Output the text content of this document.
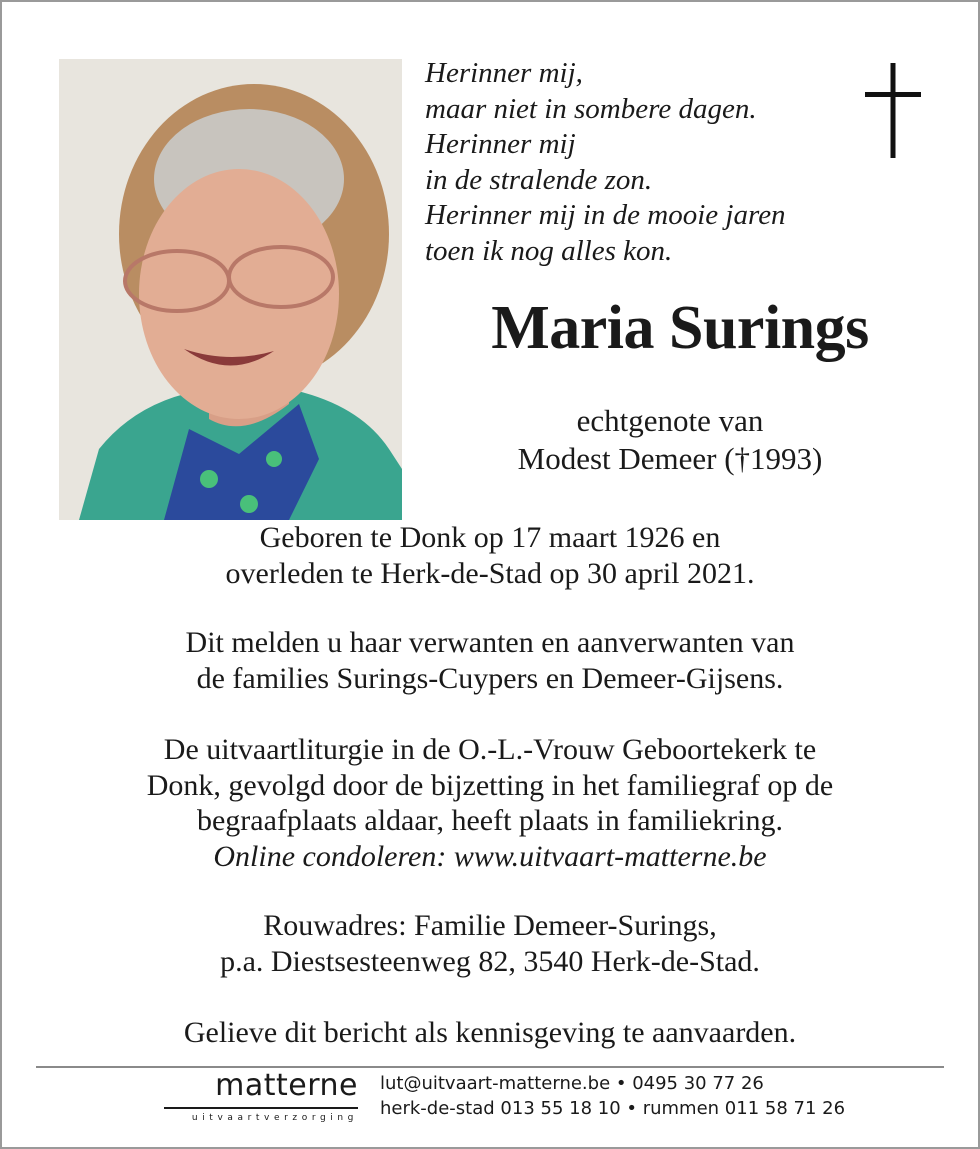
Herinner mij,
maar niet in sombere dagen.
Herinner mij
in de stralende zon.
Herinner mij in de mooie jaren
toen ik nog alles kon.
Maria Surings
echtgenote van
Modest Demeer (†1993)
Geboren te Donk op 17 maart 1926 en
overleden te Herk-de-Stad op 30 april 2021.
Dit melden u haar verwanten en aanverwanten van
de families Surings-Cuypers en Demeer-Gijsens.
De uitvaartliturgie in de O.-L.-Vrouw Geboortekerk te
Donk, gevolgd door de bijzetting in het familiegraf op de
begraafplaats aldaar, heeft plaats in familiekring.
Online condoleren: www.uitvaart-matterne.be
Rouwadres: Familie Demeer-Surings,
p.a. Diestsesteenweg 82, 3540 Herk-de-Stad.
Gelieve dit bericht als kennisgeving te aanvaarden.
matterne
uitvaartverzorging
lut@uitvaart-matterne.be • 0495 30 77 26
herk-de-stad 013 55 18 10 • rummen 011 58 71 26
